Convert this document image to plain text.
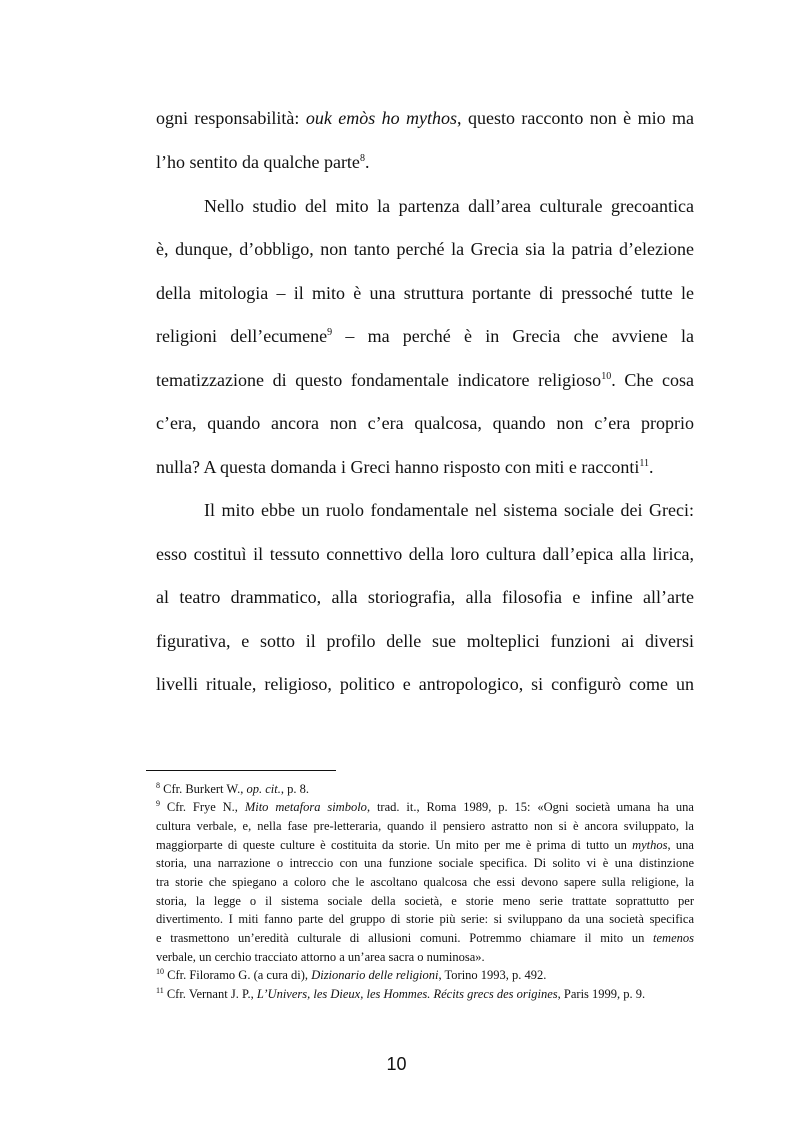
ogni responsabilità: ouk emòs ho mythos, questo racconto non è mio ma
l’ho sentito da qualche parte$^8$.
Nello studio del mito la partenza dall’area culturale grecoantica
è, dunque, d’obbligo, non tanto perché la Grecia sia la patria d’elezione
della mitologia – il mito è una struttura portante di pressoché tutte le
religioni dell’ecumene$^9$ – ma perché è in Grecia che avviene la
tematizzazione di questo fondamentale indicatore religioso$^{10}$. Che cosa
c’era, quando ancora non c’era qualcosa, quando non c’era proprio
nulla? A questa domanda i Greci hanno risposto con miti e racconti$^{11}$.
Il mito ebbe un ruolo fondamentale nel sistema sociale dei Greci:
esso costituì il tessuto connettivo della loro cultura dall’epica alla lirica,
al teatro drammatico, alla storiografia, alla filosofia e infine all’arte
figurativa, e sotto il profilo delle sue molteplici funzioni ai diversi
livelli rituale, religioso, politico e antropologico, si configurò come un
$^8$ Cfr. Burkert W., op. cit., p. 8.
$^9$ Cfr. Frye N., Mito metafora simbolo, trad. it., Roma 1989, p. 15: «Ogni società umana ha una
cultura verbale, e, nella fase pre-letteraria, quando il pensiero astratto non si è ancora sviluppato, la
maggiorparte di queste culture è costituita da storie. Un mito per me è prima di tutto un mythos, una
storia, una narrazione o intreccio con una funzione sociale specifica. Di solito vi è una distinzione
tra storie che spiegano a coloro che le ascoltano qualcosa che essi devono sapere sulla religione, la
storia, la legge o il sistema sociale della società, e storie meno serie trattate soprattutto per
divertimento. I miti fanno parte del gruppo di storie più serie: si sviluppano da una società specifica
e trasmettono un’eredità culturale di allusioni comuni. Potremmo chiamare il mito un temenos
verbale, un cerchio tracciato attorno a un’area sacra o numinosa».
$^{10}$ Cfr. Filoramo G. (a cura di), Dizionario delle religioni, Torino 1993, p. 492.
$^{11}$ Cfr. Vernant J. P., L’Univers, les Dieux, les Hommes. Récits grecs des origines, Paris 1999, p. 9.
10
